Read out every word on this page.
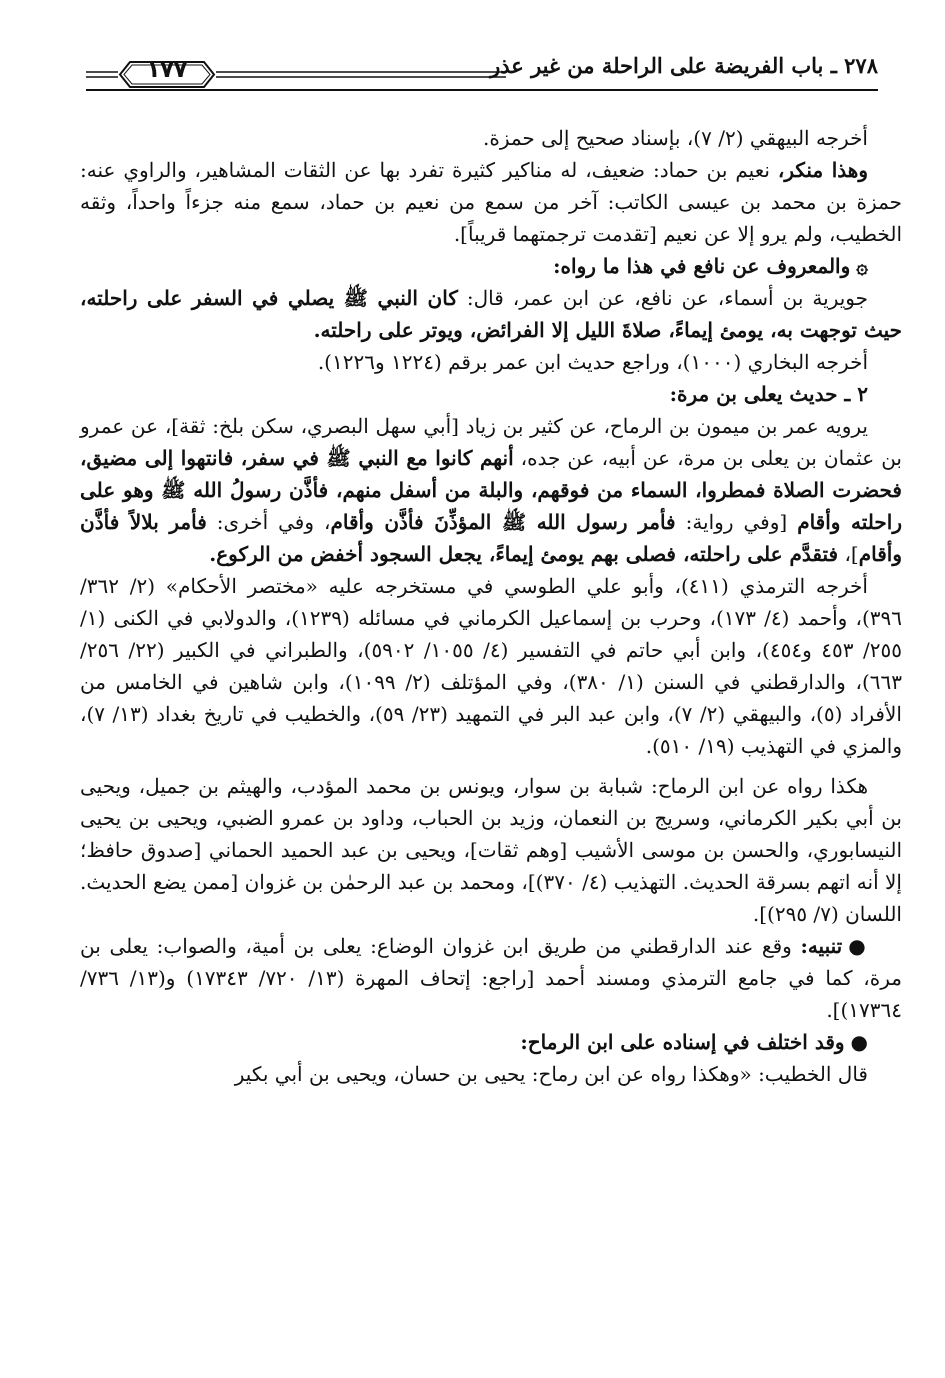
١٧٧	٢٧٨ ـ باب الفريضة على الراحلة من غير عذر

أخرجه البيهقي (٢/ ٧)، بإسناد صحيح إلى حمزة.

وهذا منكر، نعيم بن حماد: ضعيف، له مناكير كثيرة تفرد بها عن الثقات المشاهير، والراوي عنه: حمزة بن محمد بن عيسى الكاتب: آخر من سمع من نعيم بن حماد، سمع منه جزءاً واحداً، وثقه الخطيب، ولم يرو إلا عن نعيم [تقدمت ترجمتهما قريباً].

۞والمعروف عن نافع في هذا ما رواه:

جويرية بن أسماء، عن نافع، عن ابن عمر، قال: كان النبي ﷺ يصلي في السفر على راحلته، حيث توجهت به، يومئ إيماءً، صلاةَ الليل إلا الفرائض، ويوتر على راحلته.

أخرجه البخاري (١٠٠٠)، وراجع حديث ابن عمر برقم (١٢٢٤ و١٢٢٦).

٢ ـ حديث يعلى بن مرة:

يرويه عمر بن ميمون بن الرماح، عن كثير بن زياد [أبي سهل البصري، سكن بلخ: ثقة]، عن عمرو بن عثمان بن يعلى بن مرة، عن أبيه، عن جده، أنهم كانوا مع النبي ﷺ في سفر، فانتهوا إلى مضيق، فحضرت الصلاة فمطروا، السماء من فوقهم، والبلة من أسفل منهم، فأذَّن رسولُ الله ﷺ وهو على راحلته وأقام [وفي رواية: فأمر رسول الله ﷺ المؤذِّنَ فأذَّن وأقام، وفي أخرى: فأمر بلالاً فأذَّن وأقام]، فتقدَّم على راحلته، فصلى بهم يومئ إيماءً، يجعل السجود أخفض من الركوع.

أخرجه الترمذي (٤١١)، وأبو علي الطوسي في مستخرجه عليه «مختصر الأحكام» (٢/ ٣٦٢/ ٣٩٦)، وأحمد (٤/ ١٧٣)، وحرب بن إسماعيل الكرماني في مسائله (١٢٣٩)، والدولابي في الكنى (١/ ٢٥٥/ ٤٥٣ و٤٥٤)، وابن أبي حاتم في التفسير (٤/ ١٠٥٥/ ٥٩٠٢)، والطبراني في الكبير (٢٢/ ٢٥٦/ ٦٦٣)، والدارقطني في السنن (١/ ٣٨٠)، وفي المؤتلف (٢/ ١٠٩٩)، وابن شاهين في الخامس من الأفراد (٥)، والبيهقي (٢/ ٧)، وابن عبد البر في التمهيد (٢٣/ ٥٩)، والخطيب في تاريخ بغداد (١٣/ ٧)، والمزي في التهذيب (١٩/ ٥١٠).

هكذا رواه عن ابن الرماح: شبابة بن سوار، ويونس بن محمد المؤدب، والهيثم بن جميل، ويحيى بن أبي بكير الكرماني، وسريج بن النعمان، وزيد بن الحباب، وداود بن عمرو الضبي، ويحيى بن يحيى النيسابوري، والحسن بن موسى الأشيب [وهم ثقات]، ويحيى بن عبد الحميد الحماني [صدوق حافظ؛ إلا أنه اتهم بسرقة الحديث. التهذيب (٤/ ٣٧٠)]، ومحمد بن عبد الرحمٰن بن غزوان [ممن يضع الحديث. اللسان (٧/ ٢٩٥)].

●تنبيه: وقع عند الدارقطني من طريق ابن غزوان الوضاع: يعلى بن أمية، والصواب: يعلى بن مرة، كما في جامع الترمذي ومسند أحمد [راجع: إتحاف المهرة (١٣/ ٧٢٠/ ١٧٣٤٣) و(١٣/ ٧٣٦/ ١٧٣٦٤)].

●وقد اختلف في إسناده على ابن الرماح:

قال الخطيب: «وهكذا رواه عن ابن رماح: يحيى بن حسان، ويحيى بن أبي بكير
